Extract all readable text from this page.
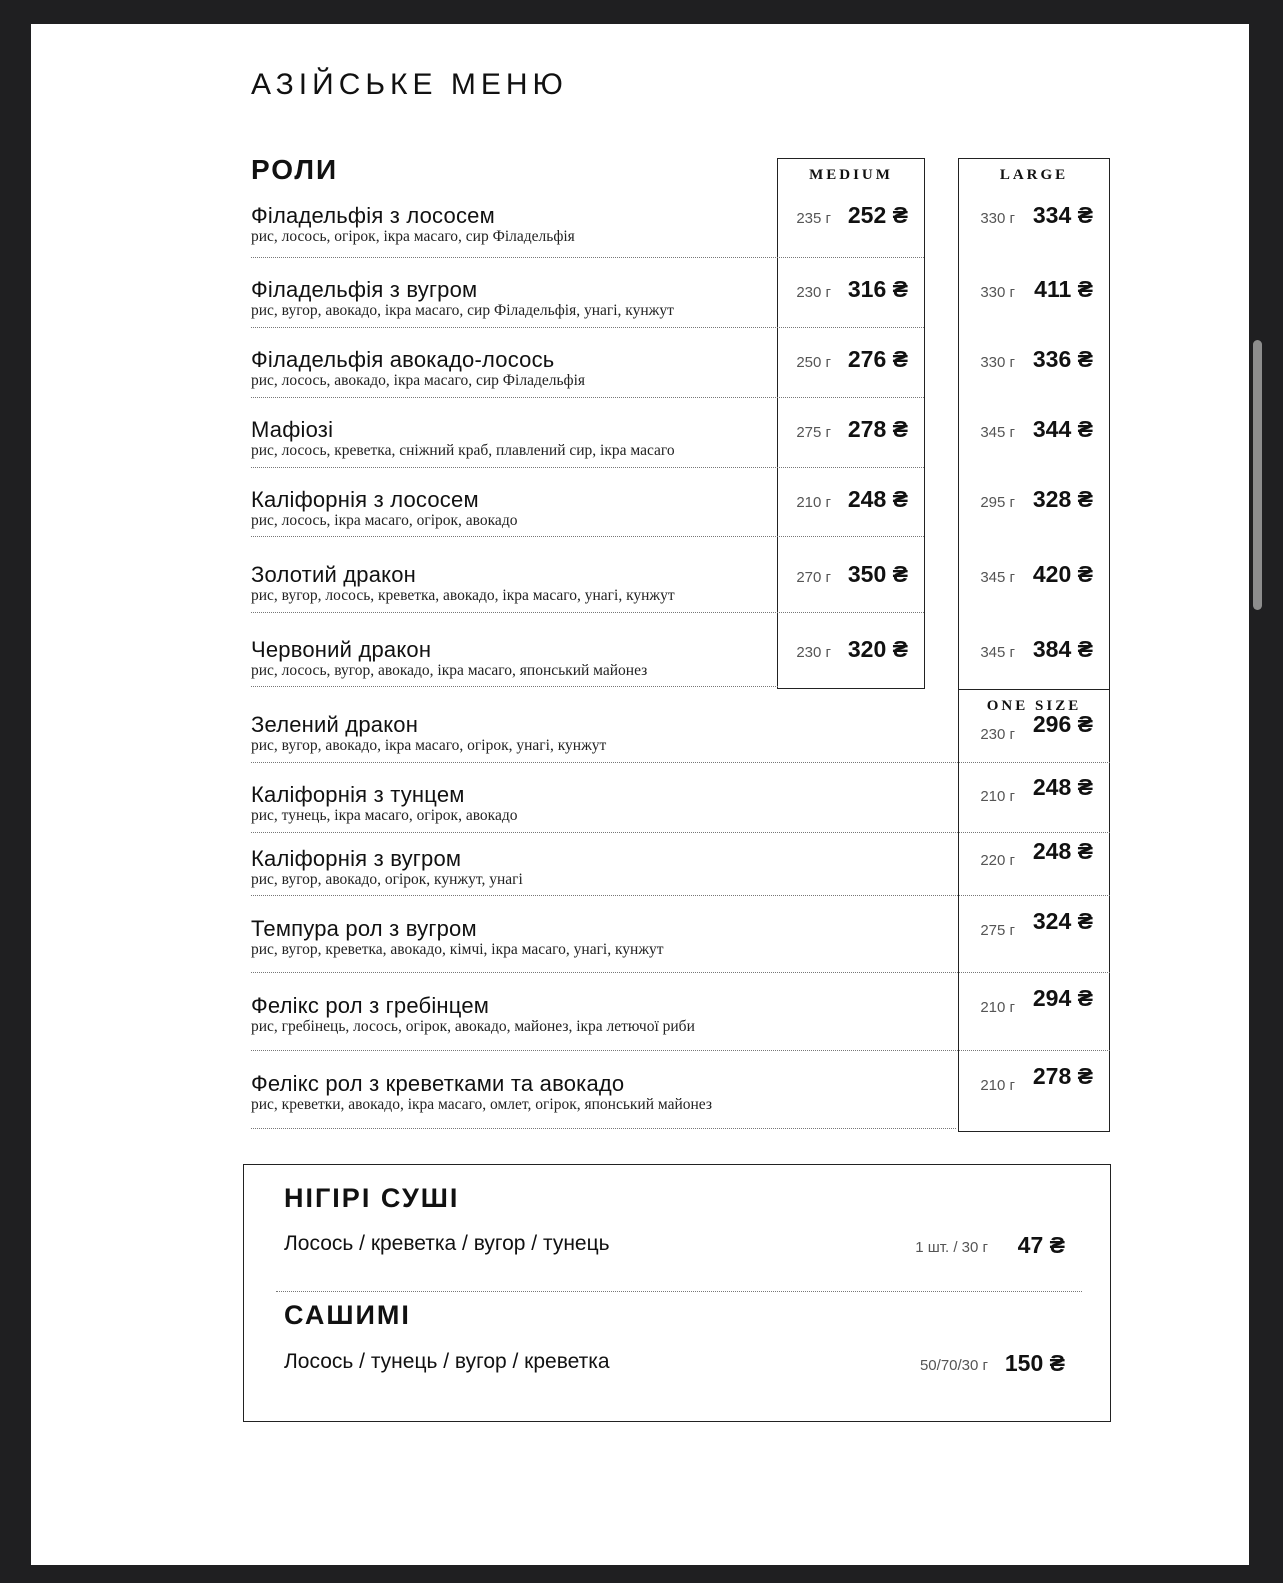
АЗІЙСЬКЕ МЕНЮ
РОЛИ	MEDIUM	LARGE
ONE SIZE
Філадельфія з лососем
рис, лосось, огірок, ікра масаго, сир Філадельфія
235 г 252 ₴	330 г 334 ₴
Філадельфія з вугром
рис, вугор, авокадо, ікра масаго, сир Філадельфія, унагі, кунжут
230 г 316 ₴	330 г 411 ₴
Філадельфія авокадо-лосось
рис, лосось, авокадо, ікра масаго, сир Філадельфія
250 г 276 ₴	330 г 336 ₴
Мафіозі
рис, лосось, креветка, сніжний краб, плавлений сир, ікра масаго
275 г 278 ₴	345 г 344 ₴
Каліфорнія з лососем
рис, лосось, ікра масаго, огірок, авокадо
210 г 248 ₴	295 г 328 ₴
Золотий дракон
рис, вугор, лосось, креветка, авокадо, ікра масаго, унагі, кунжут
270 г 350 ₴	345 г 420 ₴
Червоний дракон
рис, лосось, вугор, авокадо, ікра масаго, японський майонез
230 г 320 ₴	345 г 384 ₴
Зелений дракон
рис, вугор, авокадо, ікра масаго, огірок, унагі, кунжут
230 г 296 ₴
Каліфорнія з тунцем
рис, тунець, ікра масаго, огірок, авокадо
210 г 248 ₴
Каліфорнія з вугром
рис, вугор, авокадо, огірок, кунжут, унагі
220 г 248 ₴
Темпура рол з вугром
рис, вугор, креветка, авокадо, кімчі, ікра масаго, унагі, кунжут
275 г 324 ₴
Фелікс рол з гребінцем
рис, гребінець, лосось, огірок, авокадо, майонез, ікра летючої риби
210 г 294 ₴
Фелікс рол з креветками та авокадо
рис, креветки, авокадо, ікра масаго, омлет, огірок, японський майонез
210 г 278 ₴
НІГІРІ СУШІ
Лосось / креветка / вугор / тунець	1 шт. / 30 г 47 ₴
САШИМІ
Лосось / тунець / вугор / креветка	50/70/30 г 150 ₴
